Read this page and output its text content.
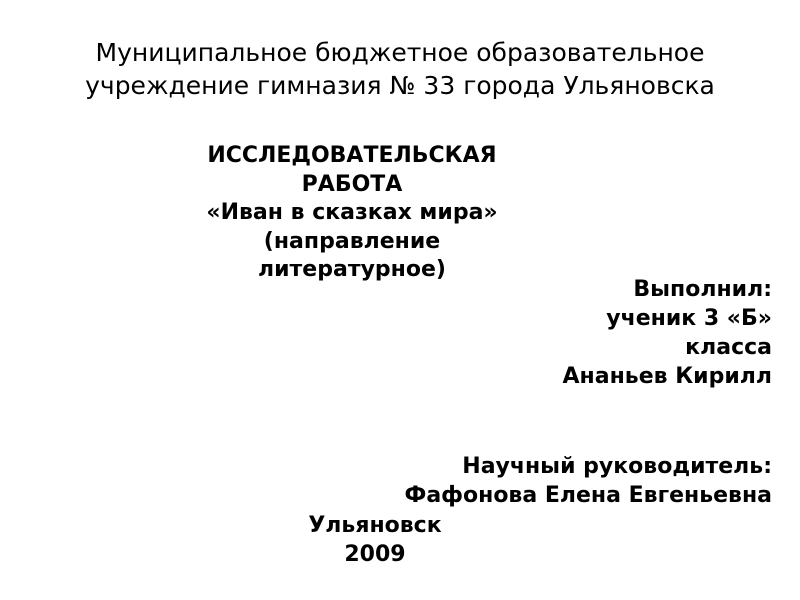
Муниципальное бюджетное образовательное учреждение гимназия № 33 города Ульяновска
ИССЛЕДОВАТЕЛЬСКАЯ
РАБОТА
«Иван в сказках мира»
(направление
литературное)
Выполнил:
ученик 3 «Б»
класса
Ананьев Кирилл
Научный руководитель:
Фафонова Елена Евгеньевна
Ульяновск
2009
